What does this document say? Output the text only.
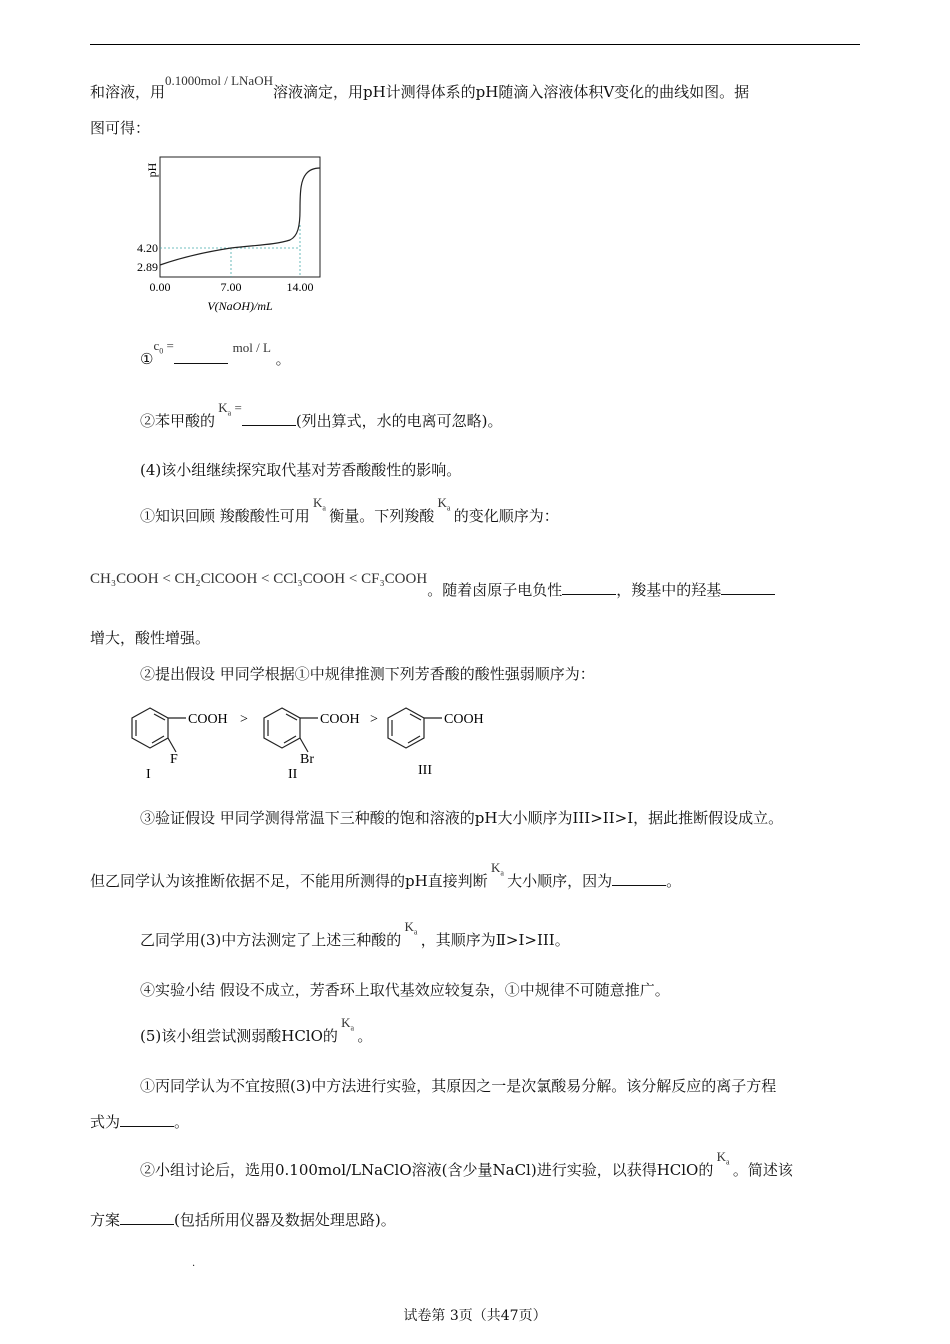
和溶液，用0.1000mol / LNaOH溶液滴定，用pH计测得体系的pH随滴入溶液体积V变化的曲线如图。据
图可得：
pH
4.20
2.89
0.00	7.00	14.00
V(NaOH)/mL
$①c_0$ =	mol / L 。
②苯甲酸的 $K_a$ =(列出算式，水的电离可忽略)。
(4)该小组继续探究取代基对芳香酸酸性的影响。
①知识回顾 羧酸酸性可用 $K_a$ 衡量。下列羧酸 $K_a$ 的变化顺序为：
CH₃COOH < CH₂ClCOOH < CCl₃COOH < CF₃COOH。随着卤原子电负性	，羧基中的羟基
增大，酸性增强。
②提出假设 甲同学根据①中规律推测下列芳香酸的酸性强弱顺序为：
COOH >
F
I
COOH >
Br
II
COOH
III
③验证假设 甲同学测得常温下三种酸的饱和溶液的pH大小顺序为III>II>I，据此推断假设成立。
但乙同学认为该推断依据不足，不能用所测得的pH直接判断 $K_a$ 大小顺序，因为	。
乙同学用(3)中方法测定了上述三种酸的 $K_a$ ，其顺序为Ⅱ>I>III。
④实验小结 假设不成立，芳香环上取代基效应较复杂，①中规律不可随意推广。
(5)该小组尝试测弱酸HClO的 $K_a$ 。
①丙同学认为不宜按照(3)中方法进行实验，其原因之一是次氯酸易分解。该分解反应的离子方程
式为	。
②小组讨论后，选用0.100mol/LNaClO溶液(含少量NaCl)进行实验，以获得HClO的 $K_a$ 。简述该
方案	(包括所用仪器及数据处理思路)。
.
试卷第 3页（共47页）
